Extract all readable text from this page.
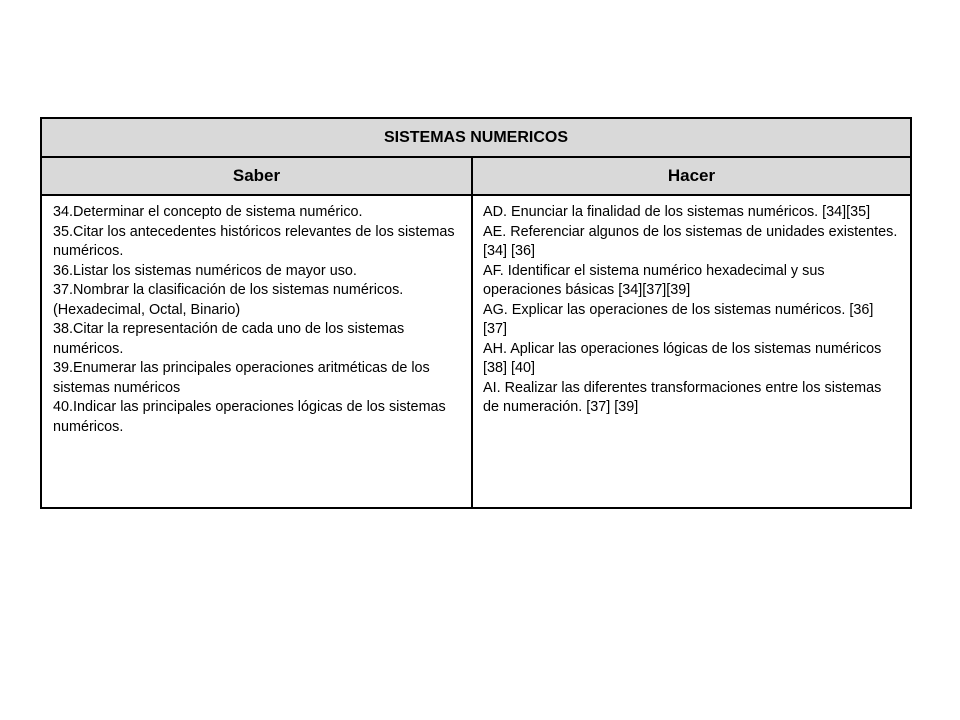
SISTEMAS NUMERICOS
Saber	Hacer

34.Determinar el concepto de sistema numérico.

35.Citar los antecedentes históricos relevantes de los sistemas numéricos.

36.Listar los sistemas numéricos de mayor uso.

37.Nombrar la clasificación de los sistemas numéricos. (Hexadecimal, Octal, Binario)

38.Citar la representación de cada uno de los sistemas numéricos.

39.Enumerar las principales operaciones aritméticas de los sistemas numéricos

40.Indicar las principales operaciones lógicas de los sistemas numéricos.

AD. Enunciar la finalidad de los sistemas numéricos. [34][35]

AE. Referenciar algunos de los sistemas de unidades existentes. [34] [36]

AF. Identificar el sistema numérico hexadecimal y sus operaciones básicas [34][37][39]

AG. Explicar las operaciones de los sistemas numéricos. [36] [37]

AH. Aplicar las operaciones lógicas de los sistemas numéricos [38] [40]

AI. Realizar las diferentes transformaciones entre los sistemas de numeración. [37] [39]
